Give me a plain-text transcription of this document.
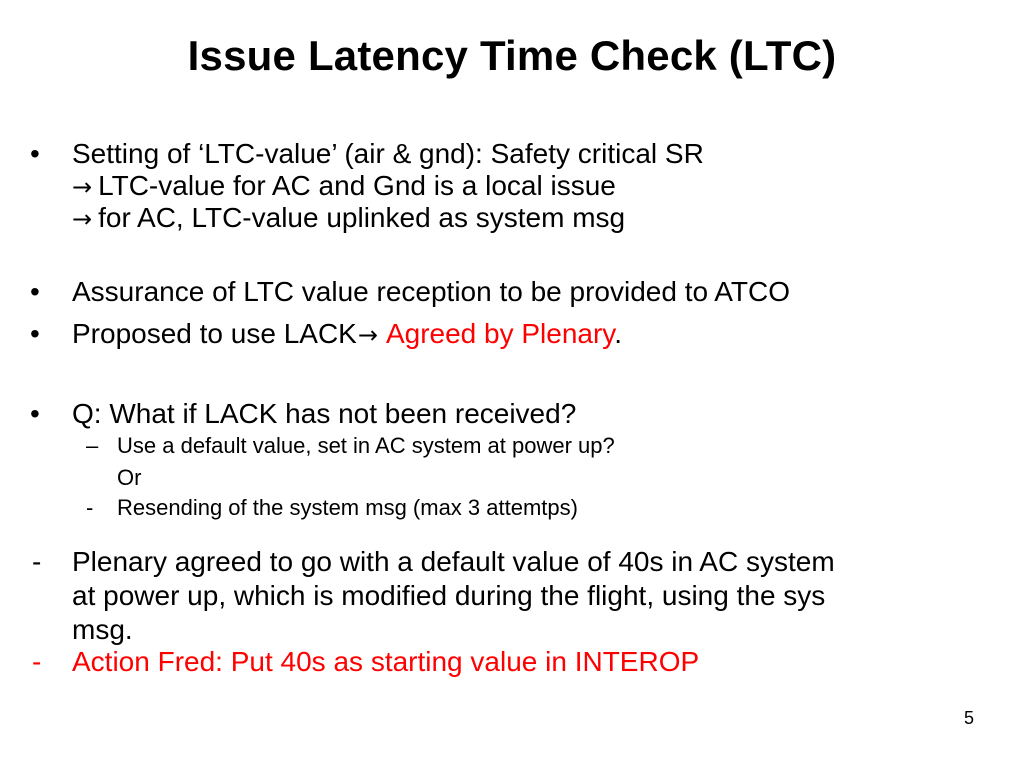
Issue Latency Time Check (LTC)
• Setting of ‘LTC-value’ (air & gnd): Safety critical SR
→ LTC-value for AC and Gnd is a local issue
→ for AC, LTC-value uplinked as system msg
• Assurance of LTC value reception to be provided to ATCO
• Proposed to use LACK→ Agreed by Plenary.
• Q: What if LACK has not been received?
– Use a default value, set in AC system at power up?
Or
- Resending of the system msg (max 3 attemtps)
- Plenary agreed to go with a default value of 40s in AC system
at power up, which is modified during the flight, using the sys
msg.
- Action Fred: Put 40s as starting value in INTEROP
5
